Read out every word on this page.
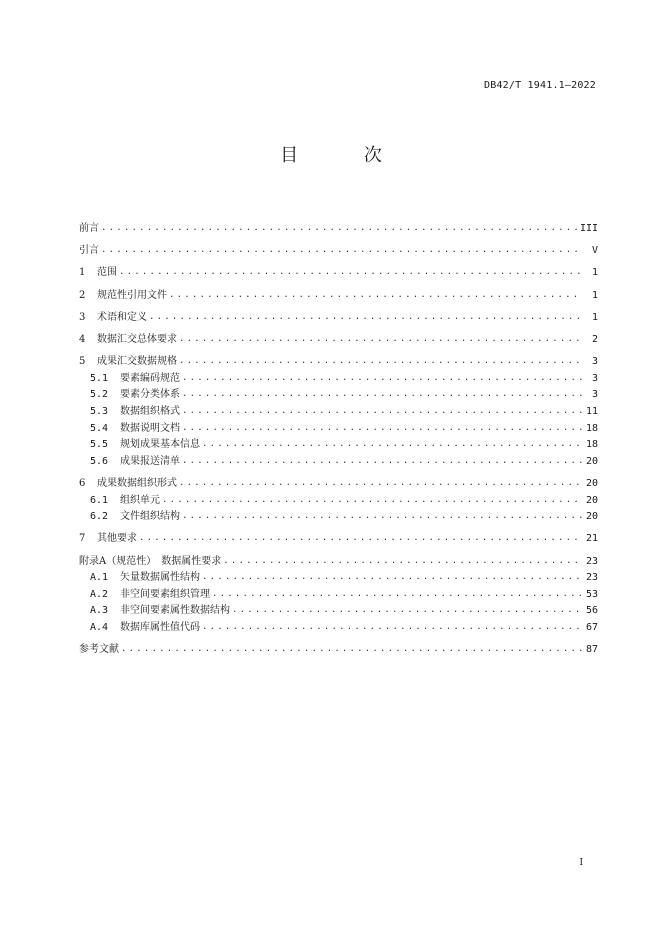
DB42/T 1941.1—2022
目 次
前言 .....	III
引言 .....	V
1	范围 .....	1
2	规范性引用文件 .....	1
3	术语和定义 .....	1
4	数据汇交总体要求 .....	2
5	成果汇交数据规格 .....	3
5.1	要素编码规范 .....	3
5.2	要素分类体系 .....	3
5.3	数据组织格式 .....	11
5.4	数据说明文档 .....	18
5.5	规划成果基本信息 .....	18
5.6	成果报送清单 .....	20
6	成果数据组织形式 .....	20
6.1	组织单元 .....	20
6.2	文件组织结构 .....	20
7	其他要求 .....	21
附录A（规范性）　数据属性要求 .....	23
A.1	矢量数据属性结构 .....	23
A.2	非空间要素组织管理 .....	53
A.3	非空间要素属性数据结构 .....	56
A.4	数据库属性值代码 .....	67
参考文献 .....	87
I
